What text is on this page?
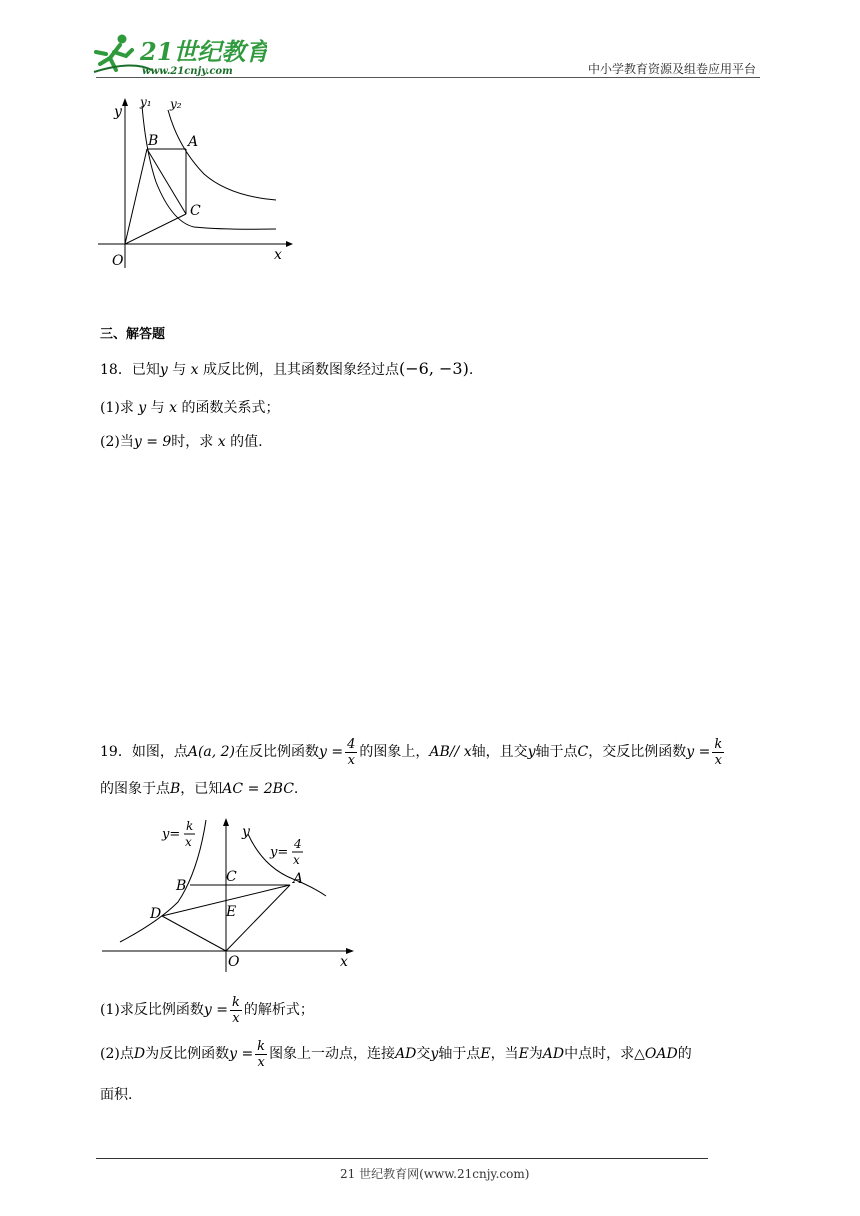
21世纪教育
www.21cnjy.com	中小学教育资源及组卷应用平台
y
y₁ y₂
B A
C
O	x
三、解答题
18．已知y 与 x 成反比例，且其函数图象经过点(−6, −3).
(1)求 y 与 x 的函数关系式；
(2)当y = 9时，求 x 的值.
19．如图，点A(a, 2)在反比例函数$y = \frac{4}{x}$ 的图象上，AB// x轴，且交y轴于点C，交反比例函数$y = \frac{k}{x}$
的图象于点B，已知AC = 2BC.
y
x
O
A
B
C
D	E
y=
k
x
y=
4
x
(1)求反比例函数$y = \frac{k}{x}$ 的解析式；
(2)点D为反比例函数$y = \frac{k}{x}$ 图象上一动点，连接AD交y轴于点E，当E为AD中点时，求△OAD的
面积.
21 世纪教育网(www.21cnjy.com)
